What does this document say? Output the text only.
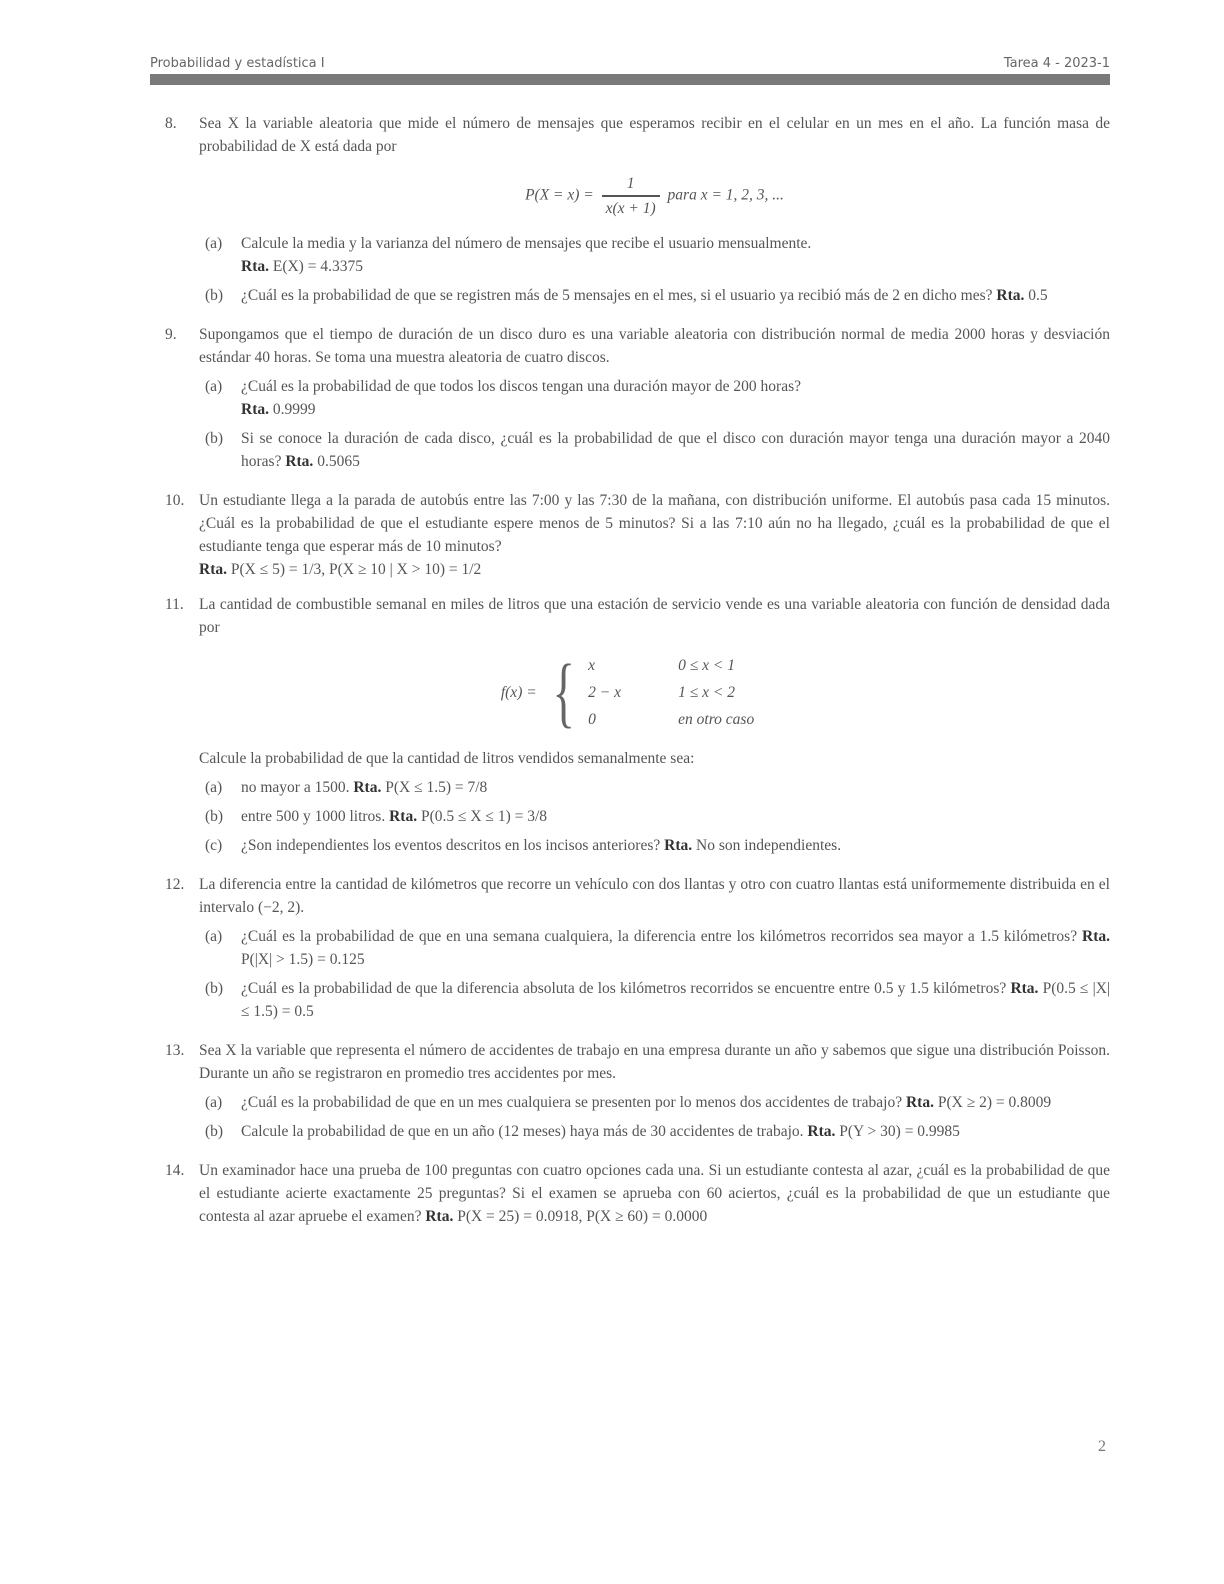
Probabilidad y estadística I	Tarea 4 - 2023-1
8.	Sea X la variable aleatoria que mide el número de mensajes que esperamos recibir en el celular en un mes en el año. La función masa de probabilidad de X está dada por
$P(X = x) = \frac{1}{x(x + 1)}$ para x = 1, 2, 3, ...
(a)	Calcule la media y la varianza del número de mensajes que recibe el usuario mensualmente.
Rta. E(X) = 4.3375
(b)	¿Cuál es la probabilidad de que se registren más de 5 mensajes en el mes, si el usuario ya recibió más de 2 en dicho mes? Rta. 0.5
9.	Supongamos que el tiempo de duración de un disco duro es una variable aleatoria con distribución normal de media 2000 horas y desviación estándar 40 horas. Se toma una muestra aleatoria de cuatro discos.
(a)	¿Cuál es la probabilidad de que todos los discos tengan una duración mayor de 200 horas?
Rta. 0.9999
(b)	Si se conoce la duración de cada disco, ¿cuál es la probabilidad de que el disco con duración mayor tenga una duración mayor a 2040 horas? Rta. 0.5065
10. Un estudiante llega a la parada de autobús entre las 7:00 y las 7:30 de la mañana, con distribución uniforme. El autobús pasa cada 15 minutos. ¿Cuál es la probabilidad de que el estudiante espere menos de 5 minutos? Si a las 7:10 aún no ha llegado, ¿cuál es la probabilidad de que el estudiante tenga que esperar más de 10 minutos?
Rta. P(X ≤ 5) = 1/3, P(X ≥ 10 | X > 10) = 1/2
11. La cantidad de combustible semanal en miles de litros que una estación de servicio vende es una variable aleatoria con función de densidad dada por
f(x) = { x	0 ≤ x < 1
2 − x	1 ≤ x < 2
0	en otro caso
Calcule la probabilidad de que la cantidad de litros vendidos semanalmente sea:
(a)	no mayor a 1500. Rta. P(X ≤ 1.5) = 7/8
(b)	entre 500 y 1000 litros. Rta. P(0.5 ≤ X ≤ 1) = 3/8
(c)	¿Son independientes los eventos descritos en los incisos anteriores? Rta. No son independientes.
12. La diferencia entre la cantidad de kilómetros que recorre un vehículo con dos llantas y otro con cuatro llantas está uniformemente distribuida en el intervalo (−2, 2).
(a)	¿Cuál es la probabilidad de que en una semana cualquiera, la diferencia entre los kilómetros recorridos sea mayor a 1.5 kilómetros? Rta. P(|X| > 1.5) = 0.125
(b)	¿Cuál es la probabilidad de que la diferencia absoluta de los kilómetros recorridos se encuentre entre 0.5 y 1.5 kilómetros? Rta. P(0.5 ≤ |X| ≤ 1.5) = 0.5
13. Sea X la variable que representa el número de accidentes de trabajo en una empresa durante un año y sabemos que sigue una distribución Poisson. Durante un año se registraron en promedio tres accidentes por mes.
(a)	¿Cuál es la probabilidad de que en un mes cualquiera se presenten por lo menos dos accidentes de trabajo? Rta. P(X ≥ 2) = 0.8009
(b)	Calcule la probabilidad de que en un año (12 meses) haya más de 30 accidentes de trabajo. Rta. P(Y > 30) = 0.9985
14. Un examinador hace una prueba de 100 preguntas con cuatro opciones cada una. Si un estudiante contesta al azar, ¿cuál es la probabilidad de que el estudiante acierte exactamente 25 preguntas? Si el examen se aprueba con 60 aciertos, ¿cuál es la probabilidad de que un estudiante que contesta al azar apruebe el examen? Rta. P(X = 25) = 0.0918, P(X ≥ 60) = 0.0000
2
